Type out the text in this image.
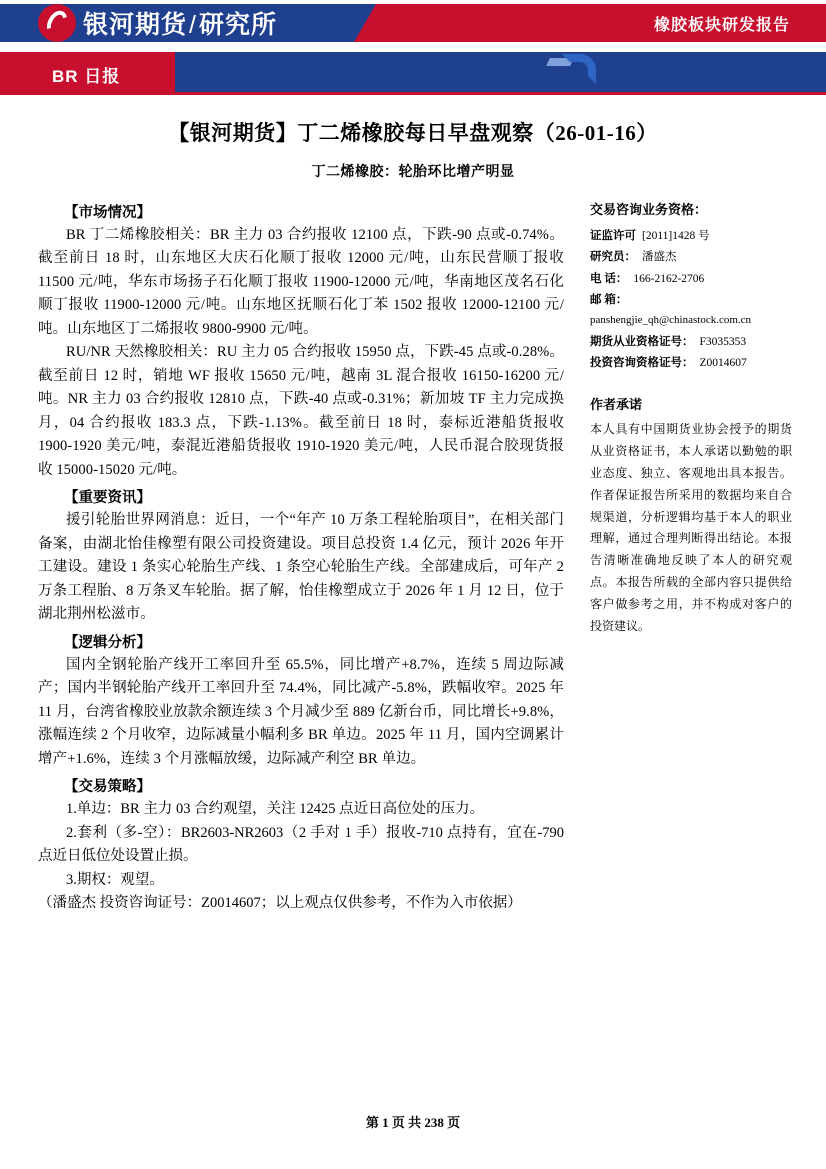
银河期货/研究所	橡胶板块研发报告
BR 日报
【银河期货】丁二烯橡胶每日早盘观察（26-01-16）
丁二烯橡胶：轮胎环比增产明显
【市场情况】

BR 丁二烯橡胶相关：BR 主力 03 合约报收 12100 点，下跌-90 点或-0.74%。截至前日 18 时，山东地区大庆石化顺丁报收 12000 元/吨，山东民营顺丁报收 11500 元/吨，华东市场扬子石化顺丁报收 11900-12000 元/吨，华南地区茂名石化顺丁报收 11900-12000 元/吨。山东地区抚顺石化丁苯 1502 报收 12000-12100 元/吨。山东地区丁二烯报收 9800-9900 元/吨。

RU/NR 天然橡胶相关：RU 主力 05 合约报收 15950 点，下跌-45 点或-0.28%。截至前日 12 时，销地 WF 报收 15650 元/吨，越南 3L 混合报收 16150-16200 元/吨。NR 主力 03 合约报收 12810 点，下跌-40 点或-0.31%；新加坡 TF 主力完成换月，04 合约报收 183.3 点，下跌-1.13%。截至前日 18 时，泰标近港船货报收 1900-1920 美元/吨，泰混近港船货报收 1910-1920 美元/吨，人民币混合胶现货报收 15000-15020 元/吨。

【重要资讯】

援引轮胎世界网消息：近日，一个“年产 10 万条工程轮胎项目”，在相关部门备案，由湖北怡佳橡塑有限公司投资建设。项目总投资 1.4 亿元，预计 2026 年开工建设。建设 1 条实心轮胎生产线、1 条空心轮胎生产线。全部建成后，可年产 2 万条工程胎、8 万条叉车轮胎。据了解，怡佳橡塑成立于 2026 年 1 月 12 日，位于湖北荆州松滋市。

【逻辑分析】

国内全钢轮胎产线开工率回升至 65.5%，同比增产+8.7%，连续 5 周边际减产；国内半钢轮胎产线开工率回升至 74.4%，同比减产-5.8%，跌幅收窄。2025 年 11 月，台湾省橡胶业放款余额连续 3 个月减少至 889 亿新台币，同比增长+9.8%，涨幅连续 2 个月收窄，边际减量小幅利多 BR 单边。2025 年 11 月，国内空调累计增产+1.6%，连续 3 个月涨幅放缓，边际减产利空 BR 单边。

【交易策略】

1.单边：BR 主力 03 合约观望，关注 12425 点近日高位处的压力。

2.套利（多-空）：BR2603-NR2603（2 手对 1 手）报收-710 点持有，宜在-790 点近日低位处设置止损。

3.期权：观望。

（潘盛杰 投资咨询证号：Z0014607；以上观点仅供参考，不作为入市依据）

交易咨询业务资格：
证监许可 [2011]1428 号
研究员： 潘盛杰
电 话： 166-2162-2706
邮 箱：
panshengjie_qh@chinastock.com.cn
期货从业资格证号： F3035353
投资咨询资格证号： Z0014607
作者承诺
本人具有中国期货业协会授予的期货从业资格证书，本人承诺以勤勉的职业态度、独立、客观地出具本报告。作者保证报告所采用的数据均来自合规渠道，分析逻辑均基于本人的职业理解，通过合理判断得出结论。本报告清晰准确地反映了本人的研究观点。本报告所载的全部内容只提供给客户做参考之用，并不构成对客户的投资建议。
第 1 页 共 238 页
